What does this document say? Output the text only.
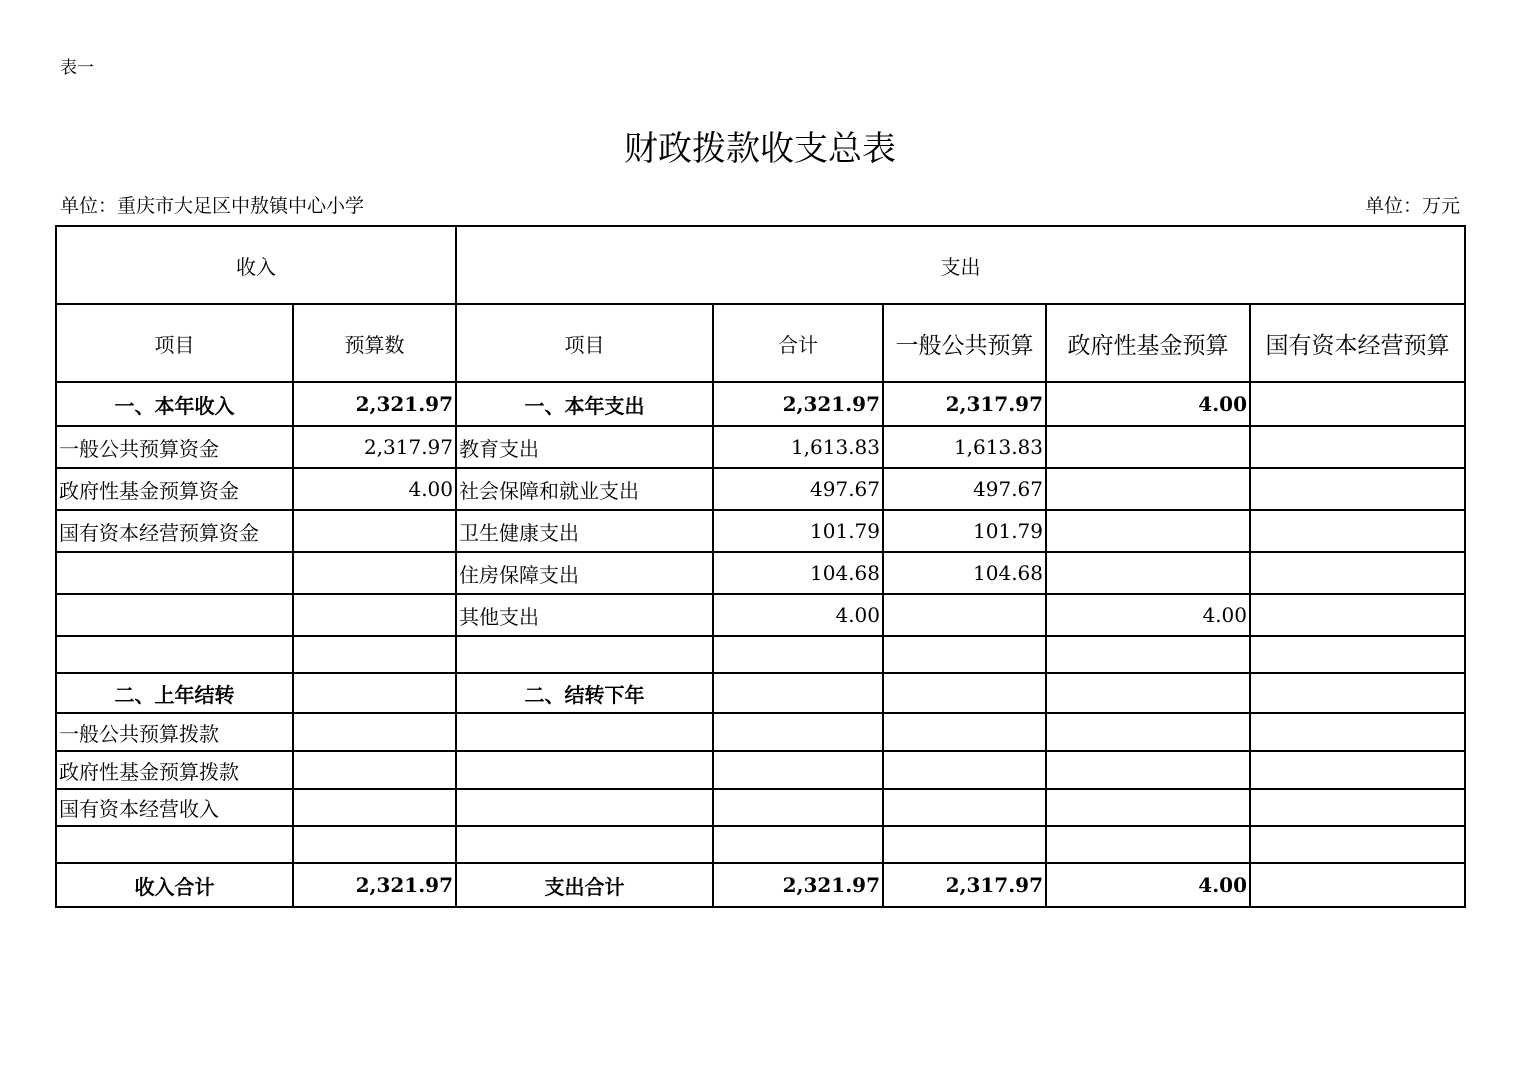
表一
财政拨款收支总表
单位：重庆市大足区中敖镇中心小学	单位：万元
收入		支出				
项目	预算数	项目	合计	一般公共预算	政府性基金预算	国有资本经营预算
一、本年收入	2,321.97	一、本年支出	2,321.97	2,317.97	4.00	
一般公共预算资金	2,317.97	教育支出	1,613.83	1,613.83		
政府性基金预算资金	4.00	社会保障和就业支出	497.67	497.67		
国有资本经营预算资金		卫生健康支出	101.79	101.79		
		住房保障支出	104.68	104.68		
		其他支出	4.00		4.00	

二、上年结转		二、结转下年				
一般公共预算拨款						
政府性基金预算拨款						
国有资本经营收入						

收入合计	2,321.97	支出合计	2,321.97	2,317.97	4.00	
